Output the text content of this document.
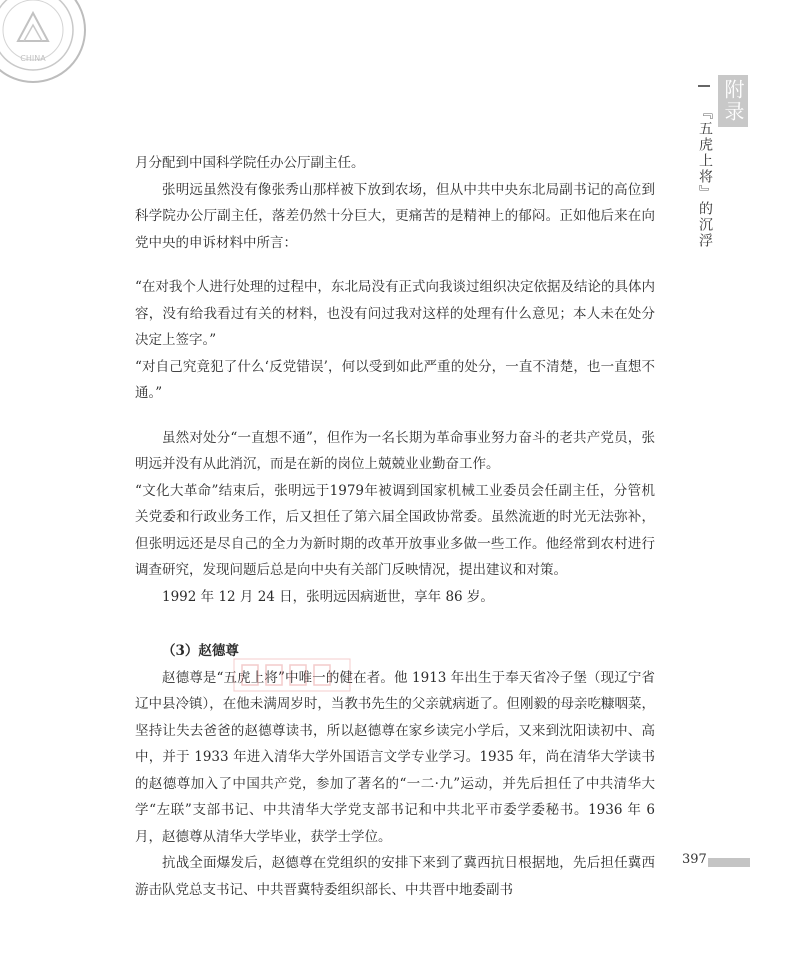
CHINA
附录
『五虎上将』的沉浮

月分配到中国科学院任办公厅副主任。

张明远虽然没有像张秀山那样被下放到农场，但从中共中央东北局副书记的高位到科学院办公厅副主任，落差仍然十分巨大，更痛苦的是精神上的郁闷。正如他后来在向党中央的申诉材料中所言：

“在对我个人进行处理的过程中，东北局没有正式向我谈过组织决定依据及结论的具体内容，没有给我看过有关的材料，也没有问过我对这样的处理有什么意见；本人未在处分决定上签字。”

“对自己究竟犯了什么‘反党错误’，何以受到如此严重的处分，一直不清楚，也一直想不通。”

虽然对处分“一直想不通”，但作为一名长期为革命事业努力奋斗的老共产党员，张明远并没有从此消沉，而是在新的岗位上兢兢业业勤奋工作。

“文化大革命”结束后，张明远于1979年被调到国家机械工业委员会任副主任，分管机关党委和行政业务工作，后又担任了第六届全国政协常委。虽然流逝的时光无法弥补，但张明远还是尽自己的全力为新时期的改革开放事业多做一些工作。他经常到农村进行调查研究，发现问题后总是向中央有关部门反映情况，提出建议和对策。

1992 年 12 月 24 日，张明远因病逝世，享年 86 岁。

（3）赵德尊

赵德尊是“五虎上将”中唯一的健在者。他 1913 年出生于奉天省冷子堡（现辽宁省辽中县冷镇），在他未满周岁时，当教书先生的父亲就病逝了。但刚毅的母亲吃糠咽菜，坚持让失去爸爸的赵德尊读书，所以赵德尊在家乡读完小学后，又来到沈阳读初中、高中，并于 1933 年进入清华大学外国语言文学专业学习。1935 年，尚在清华大学读书的赵德尊加入了中国共产党，参加了著名的“一二·九”运动，并先后担任了中共清华大学“左联”支部书记、中共清华大学党支部书记和中共北平市委学委秘书。1936 年 6 月，赵德尊从清华大学毕业，获学士学位。

抗战全面爆发后，赵德尊在党组织的安排下来到了冀西抗日根据地，先后担任冀西游击队党总支书记、中共晋冀特委组织部长、中共晋中地委副书

397
